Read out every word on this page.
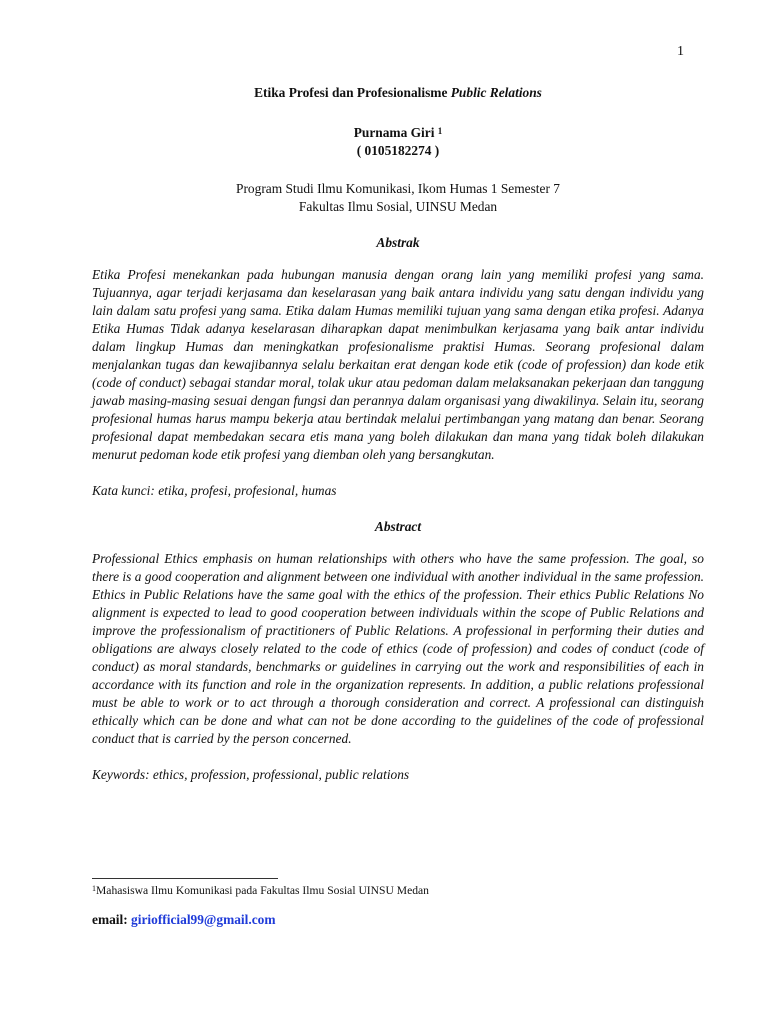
1

Etika Profesi dan Profesionalisme Public Relations

Purnama Giri $^1$
( 0105182274 )
Program Studi Ilmu Komunikasi, Ikom Humas 1 Semester 7
Fakultas Ilmu Sosial, UINSU Medan
Abstrak

Etika Profesi menekankan pada hubungan manusia dengan orang lain yang memiliki profesi yang sama. Tujuannya, agar terjadi kerjasama dan keselarasan yang baik antara individu yang satu dengan individu yang lain dalam satu profesi yang sama. Etika dalam Humas memiliki tujuan yang sama dengan etika profesi. Adanya Etika Humas Tidak adanya keselarasan diharapkan dapat menimbulkan kerjasama yang baik antar individu dalam lingkup Humas dan meningkatkan profesionalisme praktisi Humas. Seorang profesional dalam menjalankan tugas dan kewajibannya selalu berkaitan erat dengan kode etik (code of profession) dan kode etik (code of conduct) sebagai standar moral, tolak ukur atau pedoman dalam melaksanakan pekerjaan dan tanggung jawab masing-masing sesuai dengan fungsi dan perannya dalam organisasi yang diwakilinya. Selain itu, seorang profesional humas harus mampu bekerja atau bertindak melalui pertimbangan yang matang dan benar. Seorang profesional dapat membedakan secara etis mana yang boleh dilakukan dan mana yang tidak boleh dilakukan menurut pedoman kode etik profesi yang diemban oleh yang bersangkutan.

Kata kunci: etika, profesi, profesional, humas

Abstract

Professional Ethics emphasis on human relationships with others who have the same profession. The goal, so there is a good cooperation and alignment between one individual with another individual in the same profession. Ethics in Public Relations have the same goal with the ethics of the profession. Their ethics Public Relations No alignment is expected to lead to good cooperation between individuals within the scope of Public Relations and improve the professionalism of practitioners of Public Relations. A professional in performing their duties and obligations are always closely related to the code of ethics (code of profession) and codes of conduct (code of conduct) as moral standards, benchmarks or guidelines in carrying out the work and responsibilities of each in accordance with its function and role in the organization represents. In addition, a public relations professional must be able to work or to act through a thorough consideration and correct. A professional can distinguish ethically which can be done and what can not be done according to the guidelines of the code of professional conduct that is carried by the person concerned.

Keywords: ethics, profession, professional, public relations

$^1$Mahasiswa Ilmu Komunikasi pada Fakultas Ilmu Sosial UINSU Medan
email: giriofficial99@gmail.com
